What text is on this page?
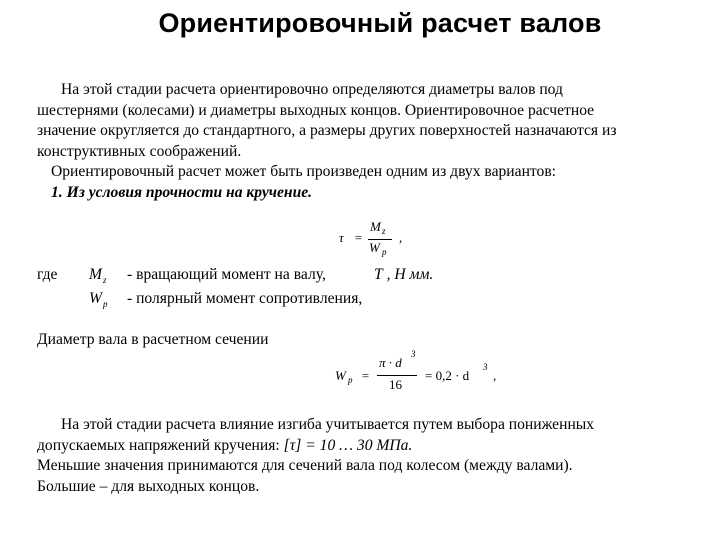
Ориентировочный расчет валов
На этой стадии расчета ориентировочно определяются диаметры валов под
шестернями (колесами) и диаметры выходных концов. Ориентировочное расчетное
значение округляется до стандартного, а размеры других поверхностей назначаются из
конструктивных соображений.
Ориентировочный расчет может быть произведен одним из двух вариантов:
1. Из условия прочности на кручение.
τ =
M z
W p
,
где M z - вращающий момент на валу,	Т , Н мм.
W p - полярный момент сопротивления,
Диаметр вала в расчетном сечении
W p =
π · d
3
16
= 0,2 · d
3
,
На этой стадии расчета влияние изгиба учитывается путем выбора пониженных
допускаемых напряжений кручения: [τ] = 10 … 30 МПа.
Меньшие значения принимаются для сечений вала под колесом (между валами).
Большие – для выходных концов.
